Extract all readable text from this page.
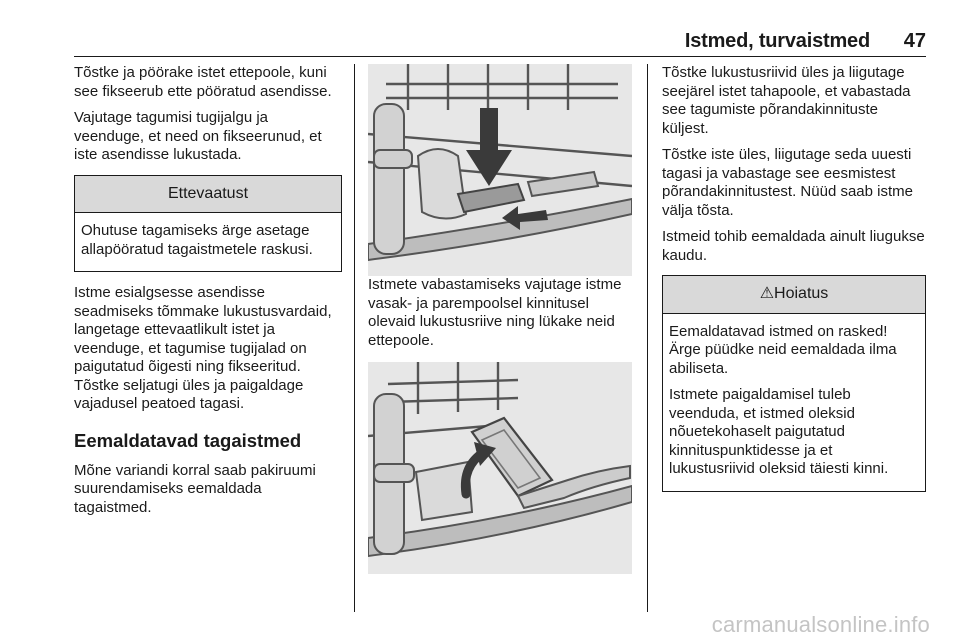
Istmed, turvaistmed	47

Tõstke ja pöörake istet ettepoole, kuni see fikseerub ette pööratud asendisse.

Vajutage tagumisi tugijalgu ja veenduge, et need on fikseerunud, et iste asendisse lukustada.

Ettevaatust

Ohutuse tagamiseks ärge asetage allapööratud tagaistmetele raskusi.

Istme esialgsesse asendisse seadmiseks tõmmake lukustusvardaid, langetage ettevaatlikult istet ja veenduge, et tagumise tugijalad on paigutatud õigesti ning fikseeritud. Tõstke seljatugi üles ja paigaldage vajadusel peatoed tagasi.

Eemaldatavad tagaistmed

Mõne variandi korral saab pakiruumi suurendamiseks eemaldada tagaistmed.

Istmete vabastamiseks vajutage istme vasak- ja parempoolsel kinnitusel olevaid lukustusriive ning lükake neid ettepoole.

Tõstke lukustusriivid üles ja liigutage seejärel istet tahapoole, et vabastada see tagumiste põrandakinnituste küljest.

Tõstke iste üles, liigutage seda uuesti tagasi ja vabastage see eesmistest põrandakinnitustest. Nüüd saab istme välja tõsta.

Istmeid tohib eemaldada ainult liugukse kaudu.

⚠Hoiatus

Eemaldatavad istmed on rasked! Ärge püüdke neid eemaldada ilma abiliseta.

Istmete paigaldamisel tuleb veenduda, et istmed oleksid nõuetekohaselt paigutatud kinnituspunktidesse ja et lukustusriivid oleksid täiesti kinni.

carmanualsonline.info
